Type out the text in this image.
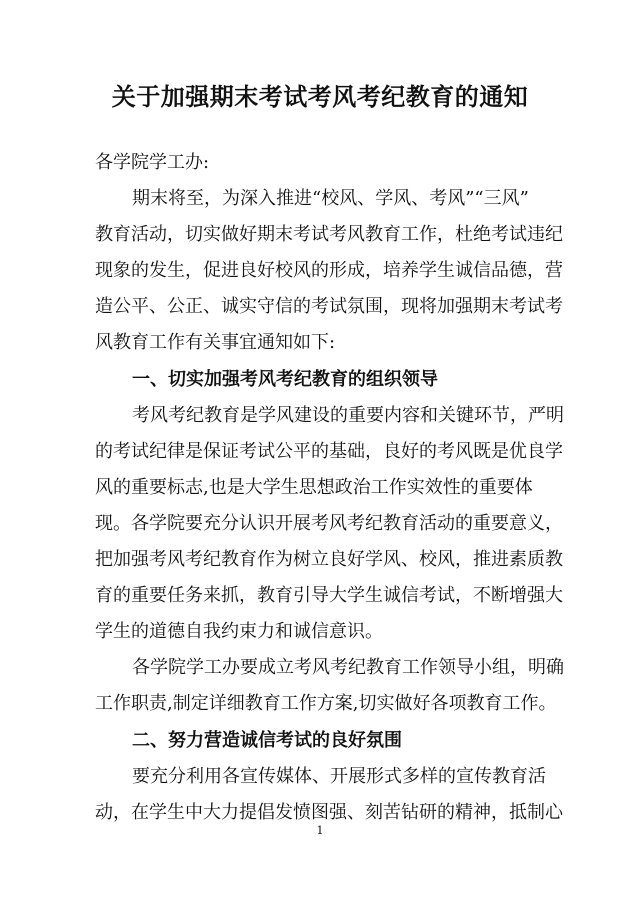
关于加强期末考试考风考纪教育的通知

各学院学工办:

期末将至，为深入推进“校风、学风、考风”“三风”

教育活动，切实做好期末考试考风教育工作，杜绝考试违纪

现象的发生，促进良好校风的形成，培养学生诚信品德，营

造公平、公正、诚实守信的考试氛围，现将加强期末考试考

风教育工作有关事宜通知如下:

一、切实加强考风考纪教育的组织领导

考风考纪教育是学风建设的重要内容和关键环节，严明

的考试纪律是保证考试公平的基础，良好的考风既是优良学

风的重要标志,也是大学生思想政治工作实效性的重要体

现。各学院要充分认识开展考风考纪教育活动的重要意义，

把加强考风考纪教育作为树立良好学风、校风，推进素质教

育的重要任务来抓，教育引导大学生诚信考试，不断增强大

学生的道德自我约束力和诚信意识。

各学院学工办要成立考风考纪教育工作领导小组，明确

工作职责,制定详细教育工作方案,切实做好各项教育工作。

二、努力营造诚信考试的良好氛围

要充分利用各宣传媒体、开展形式多样的宣传教育活

动，在学生中大力提倡发愤图强、刻苦钻研的精神，抵制心

1
